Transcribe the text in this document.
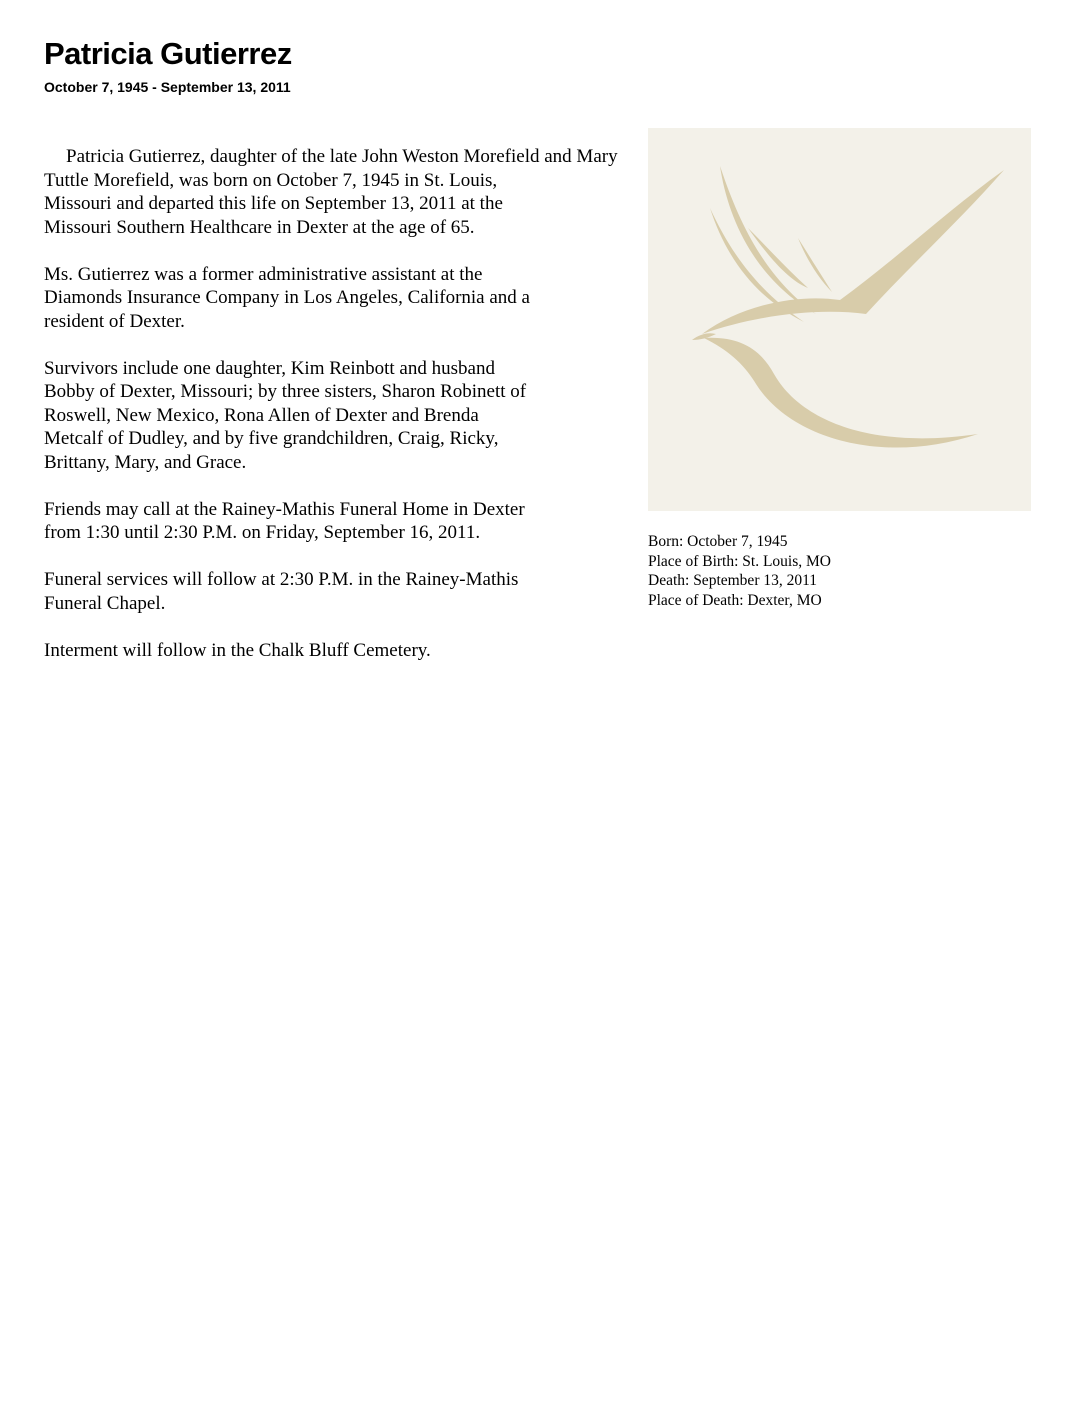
Patricia Gutierrez
October 7, 1945 - September 13, 2011

Patricia Gutierrez, daughter of the late John Weston Morefield and Mary
Tuttle Morefield, was born on October 7, 1945 in St. Louis,
Missouri and departed this life on September 13, 2011 at the
Missouri Southern Healthcare in Dexter at the age of 65.

Ms. Gutierrez was a former administrative assistant at the
Diamonds Insurance Company in Los Angeles, California and a
resident of Dexter.

Survivors include one daughter, Kim Reinbott and husband
Bobby of Dexter, Missouri; by three sisters, Sharon Robinett of
Roswell, New Mexico, Rona Allen of Dexter and Brenda
Metcalf of Dudley, and by five grandchildren, Craig, Ricky,
Brittany, Mary, and Grace.

Friends may call at the Rainey-Mathis Funeral Home in Dexter
from 1:30 until 2:30 P.M. on Friday, September 16, 2011.

Funeral services will follow at 2:30 P.M. in the Rainey-Mathis
Funeral Chapel.

Interment will follow in the Chalk Bluff Cemetery.

Born: October 7, 1945
Place of Birth: St. Louis, MO
Death: September 13, 2011
Place of Death: Dexter, MO
